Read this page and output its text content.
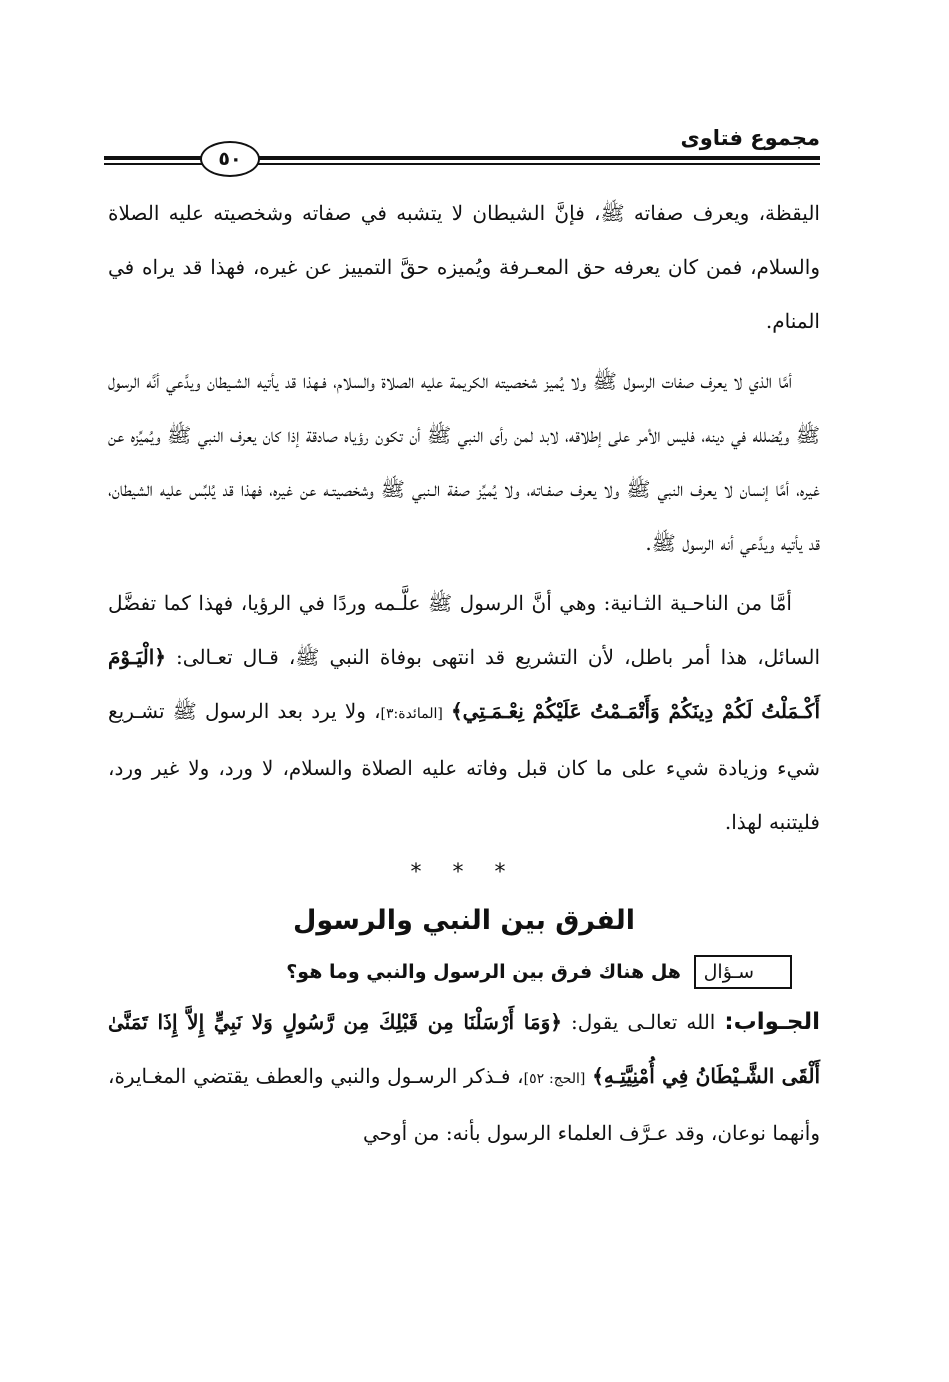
مجموع فتاوى
٥٠

اليقظة، ويعرف صفاته ﷺ، فإنَّ الشيطان لا يتشبه في صفاته وشخصيته عليه الصلاة والسلام، فمن كان يعرفه حق المعـرفة ويُميزه حقَّ التمييز عن غيره، فهذا قد يراه في المنام.

أمَّا الذي لا يعرف صفات الرسول ﷺ ولا يُميز شخصيته الكريمة عليه الصلاة والسلام، فـهذا قد يأتيه الشـيطان ويدَّعي أنَّه الرسول ﷺ ويُضلله في دينه، فليس الأمر على إطلاقه، لابد لمن رأى النبي ﷺ أن تكون رؤياه صادقة إذا كان يعرف النبي ﷺ ويُميِّزه عن غيره، أمَّا إنسان لا يعرف النبي ﷺ ولا يعرف صفـاته، ولا يُميِّز صفة الـنبي ﷺ وشخصيتـه عن غيره، فهذا قد يُلبِّس عليه الشيطان، قد يأتيه ويدَّعي أنه الرسول ﷺ.

أمَّا من الناحـية الثـانية: وهي أنَّ الرسول ﷺ علَّـمه وردًا في الرؤيا، فهذا كما تفضَّل السائل، هذا أمر باطل، لأن التشريع قد انتهى بوفاة النبي ﷺ، قـال تعـالى: ﴿الْيَـوْمَ أَكْـمَلْتُ لَكُمْ دِينَكُمْ وَأَتْمَـمْتُ عَلَيْكُمْ نِعْـمَـتِي﴾ [المائدة:٣]، ولا يرد بعد الرسول ﷺ تشـريع شيء وزيادة شيء على ما كان قبل وفاته عليه الصلاة والسلام، لا ورد، ولا غير ورد، فليتنبه لهذا.

* * *
الفرق بين النبي والرسول

سـؤال هل هناك فرق بين الرسول والنبي وما هو؟

الجـواب: الله تعالـى يقول: ﴿وَمَا أَرْسَلْنَا مِن قَبْلِكَ مِن رَّسُولٍ وَلا نَبِيٍّ إِلاَّ إِذَا تَمَنَّىٰ أَلْقَى الشَّـيْطَانُ فِي أُمْنِيَّتِـهِ﴾ [الحج: ٥٢]، فـذكر الرسـول والنبي والعطف يقتضي المغـايرة، وأنهما نوعان، وقد عـرَّف العلماء الرسول بأنه: من أوحي
